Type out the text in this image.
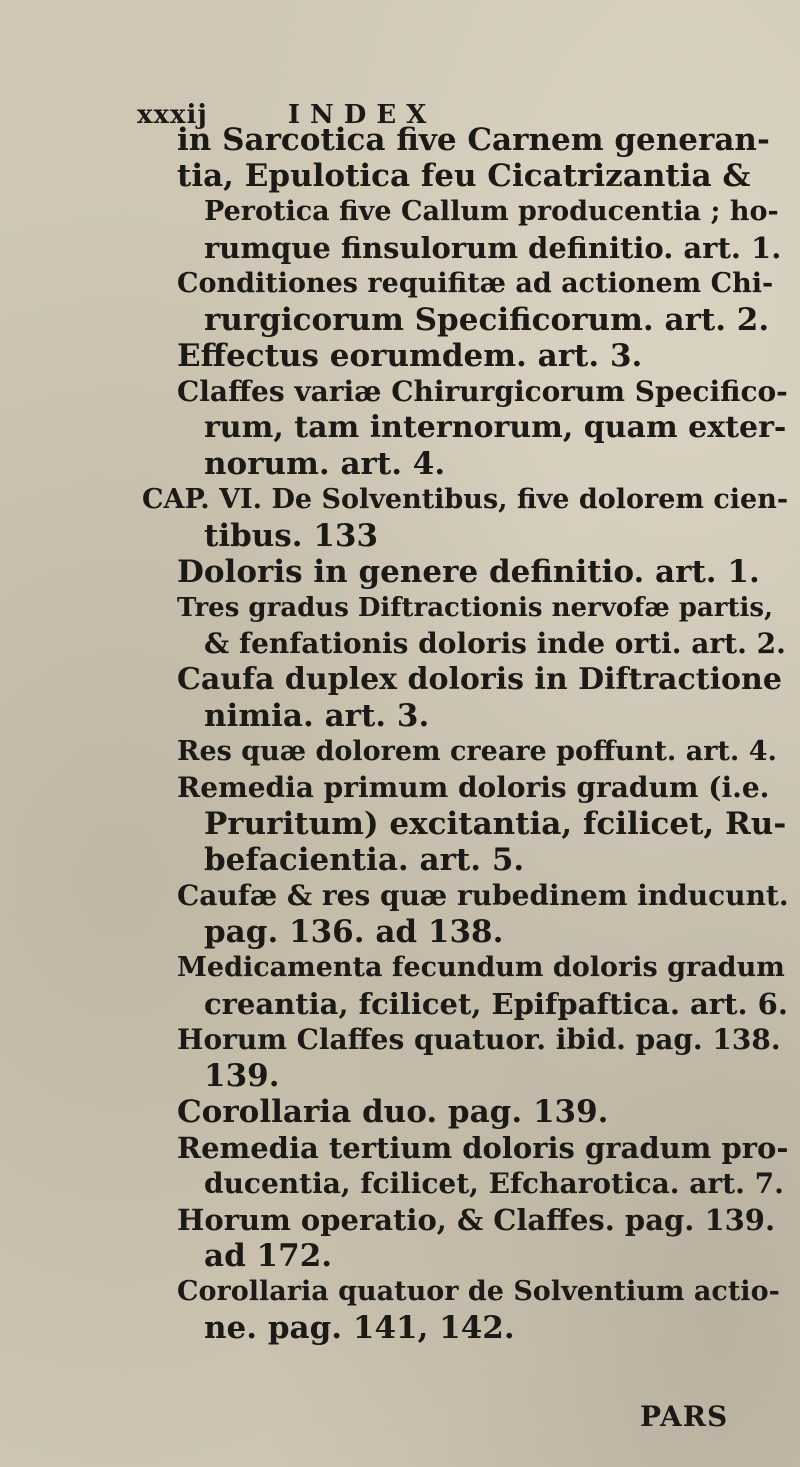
xxxij	INDEX
in Sarcotica five Carnem generan-
tia, Epulotica feu Cicatrizantia &
Perotica five Callum producentia ; ho-
rumque finsulorum definitio. art. 1.
Conditiones requifitæ ad actionem Chi-
rurgicorum Specificorum. art. 2.
Effectus eorumdem. art. 3.
Claffes variæ Chirurgicorum Specifico-
rum, tam internorum, quam exter-
norum. art. 4.
CAP. VI. De Solventibus, five dolorem cien-
tibus. 133
Doloris in genere definitio. art. 1.
Tres gradus Diftractionis nervofæ partis,
& fenfationis doloris inde orti. art. 2.
Caufa duplex doloris in Diftractione
nimia. art. 3.
Res quæ dolorem creare poffunt. art. 4.
Remedia primum doloris gradum (i.e.
Pruritum) excitantia, fcilicet, Ru-
befacientia. art. 5.
Caufæ & res quæ rubedinem inducunt.
pag. 136. ad 138.
Medicamenta fecundum doloris gradum
creantia, fcilicet, Epifpaftica. art. 6.
Horum Claffes quatuor. ibid. pag. 138.
139.
Corollaria duo. pag. 139.
Remedia tertium doloris gradum pro-
ducentia, fcilicet, Efcharotica. art. 7.
Horum operatio, & Claffes. pag. 139.
ad 172.
Corollaria quatuor de Solventium actio-
ne. pag. 141, 142.
PARS
